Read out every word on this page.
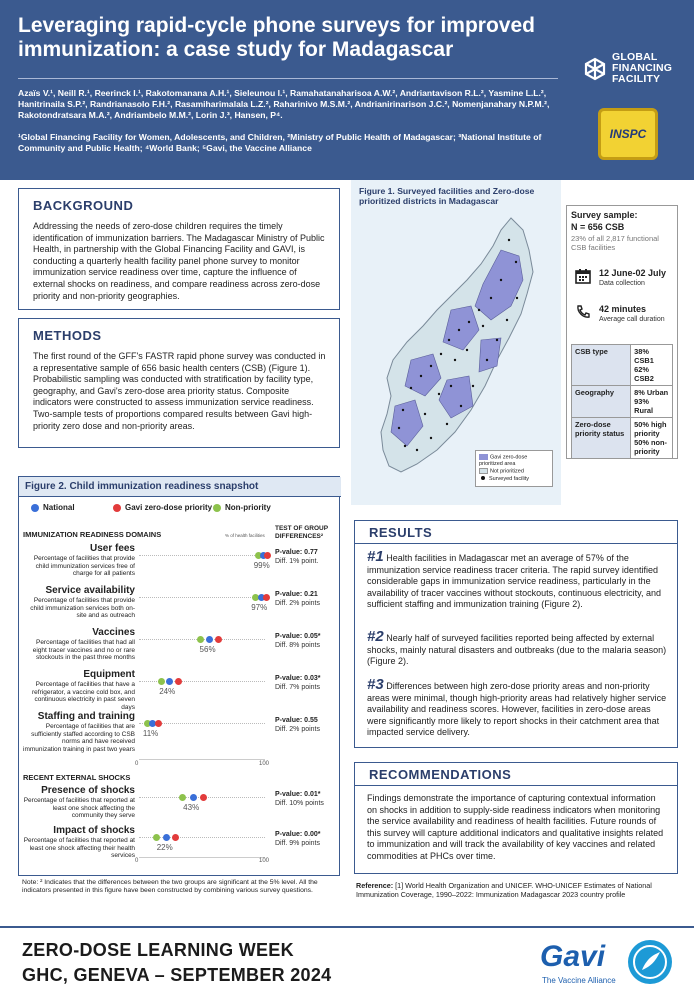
Leveraging rapid-cycle phone surveys for improved immunization: a case study for Madagascar
Azaïs V.¹, Neill R.¹, Reerinck I.¹, Rakotomanana A.H.¹, Sieleunou I.¹, Ramahatanaharisoa A.W.², Andriantavison R.L.², Yasmine L.L.², Hanitrinaila S.P.², Randrianasolo F.H.², Rasamiharimalala L.Z.², Raharinivo M.S.M.², Andrianirinarison J.C.², Nomenjanahary N.P.M.², Rakotondratsara M.A.², Andriambelo M.M.², Lorin J.³, Hansen, P⁴.
¹Global Financing Facility for Women, Adolescents, and Children, ²Ministry of Public Health of Madagascar; ³National Institute of Community and Public Health; ⁴World Bank; ⁵Gavi, the Vaccine Alliance
GLOBAL
FINANCING
FACILITY
INSPC
BACKGROUND
Addressing the needs of zero-dose children requires the timely identification of immunization barriers. The Madagascar Ministry of Public Health, in partnership with the Global Financing Facility and GAVI, is conducting a quarterly health facility panel phone survey to monitor immunization service readiness over time, capture the influence of external shocks on readiness, and compare readiness across zero-dose priority and non-priority geographies.
METHODS
The first round of the GFF's FASTR rapid phone survey was conducted in a representative sample of 656 basic health centers (CSB) (Figure 1). Probabilistic sampling was conducted with stratification by facility type, geography, and Gavi's zero-dose area priority status. Composite indicators were constructed to assess immunization service readiness. Two-sample tests of proportions compared results between Gavi high-priority zero dose and non-priority areas.
Figure 1. Surveyed facilities and Zero-dose prioritized districts in Madagascar
Gavi zero-dose prioritized area
Not prioritized
Surveyed facility
Survey sample:
N = 656 CSB
23% of all 2,817 functional CSB facilities
12 June-02 July
Data collection
42 minutes
Average call duration
CSB type	38% CSB1
62% CSB2
Geography	8% Urban
93% Rural
Zero-dose priority status	50% high priority
50% non-priority
Figure 2. Child immunization readiness snapshot
National	Gavi zero-dose priority	Non-priority
IMMUNIZATION READINESS DOMAINS	% of health facilities
TEST OF GROUP DIFFERENCES²
User fees
Percentage of facilities that provide child immunization services free of charge for all patients
99%
P-value: 0.77
Diff. 1% point.
Service availability
Percentage of facilities that provide child immunization services both on-site and as outreach
97%
P-value: 0.21
Diff. 2% points
Vaccines
Percentage of facilities that had all eight tracer vaccines and no or rare stockouts in the past three months
56%
P-value: 0.05*
Diff. 8% points
Equipment
Percentage of facilities that have a refrigerator, a vaccine cold box, and continuous electricity in past seven days
24%
P-value: 0.03*
Diff. 7% points
Staffing and training
Percentage of facilities that are sufficiently staffed according to CSB norms and have received immunization training in past two years
11%
P-value: 0.55
Diff. 2% points
0	100
RECENT EXTERNAL SHOCKS
Presence of shocks
Percentage of facilities that reported at least one shock affecting the community they serve
43%
P-value: 0.01*
Diff. 10% points
Impact of shocks
Percentage of facilities that reported at least one shock affecting their health services
22%
P-value: 0.00*
Diff. 9% points
0	100
Note: ² Indicates that the differences between the two groups are significant at the 5% level. All the indicators presented in this figure have been constructed by combining various survey questions.
RESULTS
#1 Health facilities in Madagascar met an average of 57% of the immunization service readiness tracer criteria. The rapid survey identified considerable gaps in immunization service readiness, particularly in the availability of tracer vaccines without stockouts, continuous electricity, and sufficient staffing and immunization training (Figure 2).
#2 Nearly half of surveyed facilities reported being affected by external shocks, mainly natural disasters and outbreaks (due to the malaria season) (Figure 2).
#3 Differences between high zero-dose priority areas and non-priority areas were minimal, though high-priority areas had relatively higher service availability and readiness scores. However, facilities in zero-dose areas were significantly more likely to report shocks in their catchment area that impacted service delivery.
RECOMMENDATIONS
Findings demonstrate the importance of capturing contextual information on shocks in addition to supply-side readiness indicators when monitoring the service availability and readiness of health facilities. Future rounds of this survey will capture additional indicators and qualitative insights related to immunization and will track the availability of key vaccines and related commodities at PHCs over time.
Reference: [1] World Health Organization and UNICEF. WHO-UNICEF Estimates of National Immunization Coverage, 1990–2022: Immunization Madagascar 2023 country profile
ZERO-DOSE LEARNING WEEK
GHC, GENEVA – SEPTEMBER 2024
Gavi
The Vaccine Alliance
